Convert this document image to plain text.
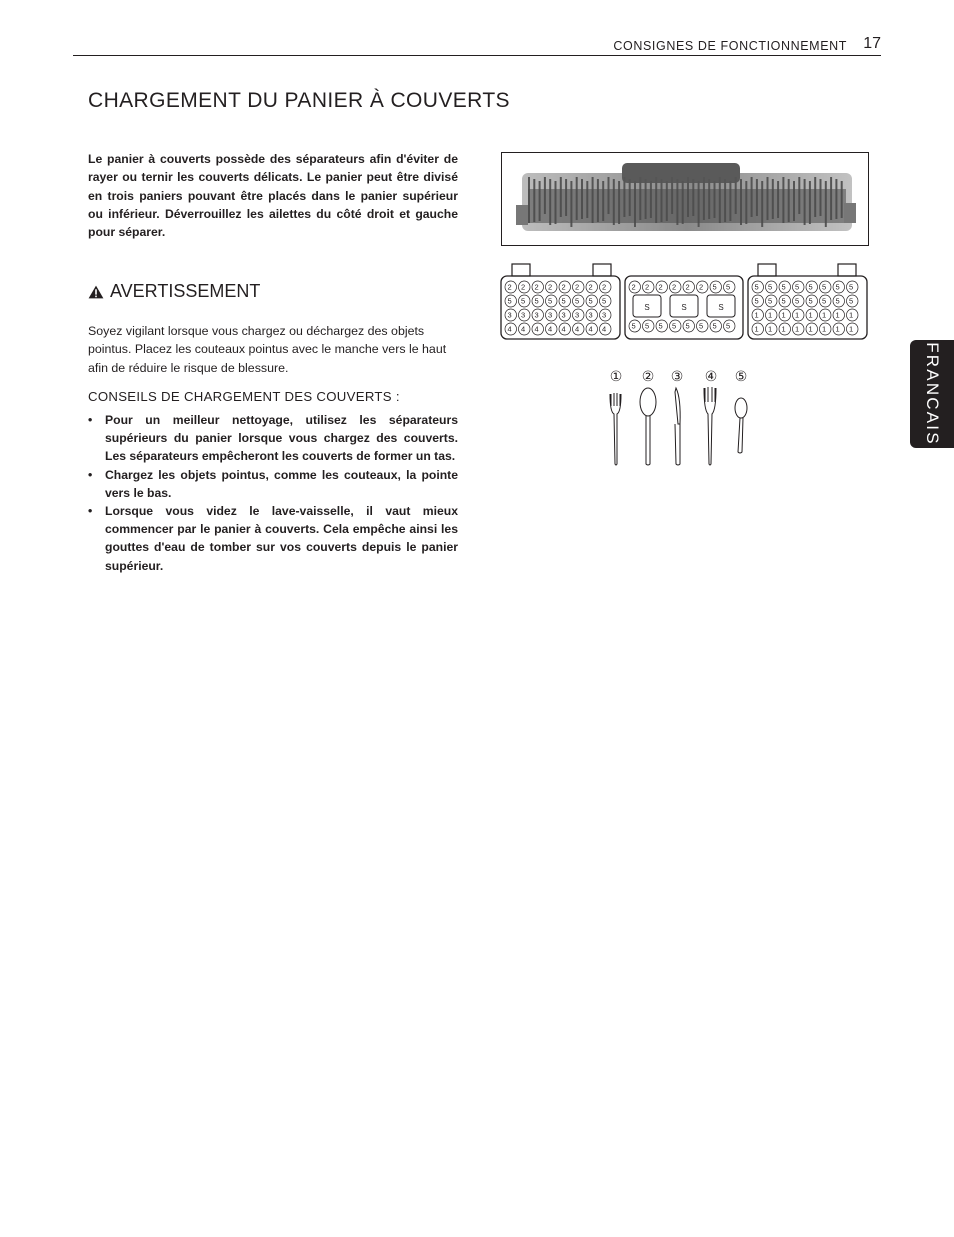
CONSIGNES DE FONCTIONNEMENT 17
CHARGEMENT DU PANIER À COUVERTS

Le panier à couverts possède des séparateurs afin d'éviter de rayer ou ternir les couverts délicats. Le panier peut être divisé en trois paniers pouvant être placés dans le panier supérieur ou inférieur. Déverrouillez les ailettes du côté droit et gauche pour séparer.

AVERTISSEMENT

Soyez vigilant lorsque vous chargez ou déchargez des objets pointus. Placez les couteaux pointus avec le manche vers le haut afin de réduire le risque de blessure.

CONSEILS DE CHARGEMENT DES COUVERTS :
• Pour un meilleur nettoyage, utilisez les séparateurs supérieurs du panier lorsque vous chargez des couverts. Les séparateurs empêcheront les couverts de former un tas.
• Chargez les objets pointus, comme les couteaux, la pointe vers le bas.
• Lorsque vous videz le lave-vaisselle, il vaut mieux commencer par le panier à couverts. Cela empêche ainsi les gouttes d'eau de tomber sur vos couverts depuis le panier supérieur.
2 2 2 2 2 2 2 2
5 5 5 5 5 5 5 5
3 3 3 3 3 3 3 3
4 4 4 4 4 4 4 4
2 2 2 2 2 2 5 5
5 5 5 5 5 5 5 5
S	S	S
5 5 5 5 5 5 5 5
5 5 5 5 5 5 5 5
1 1 1 1 1 1 1 1
1 1 1 1 1 1 1 1
① ② ③ ④ ⑤	FRANCAIS
